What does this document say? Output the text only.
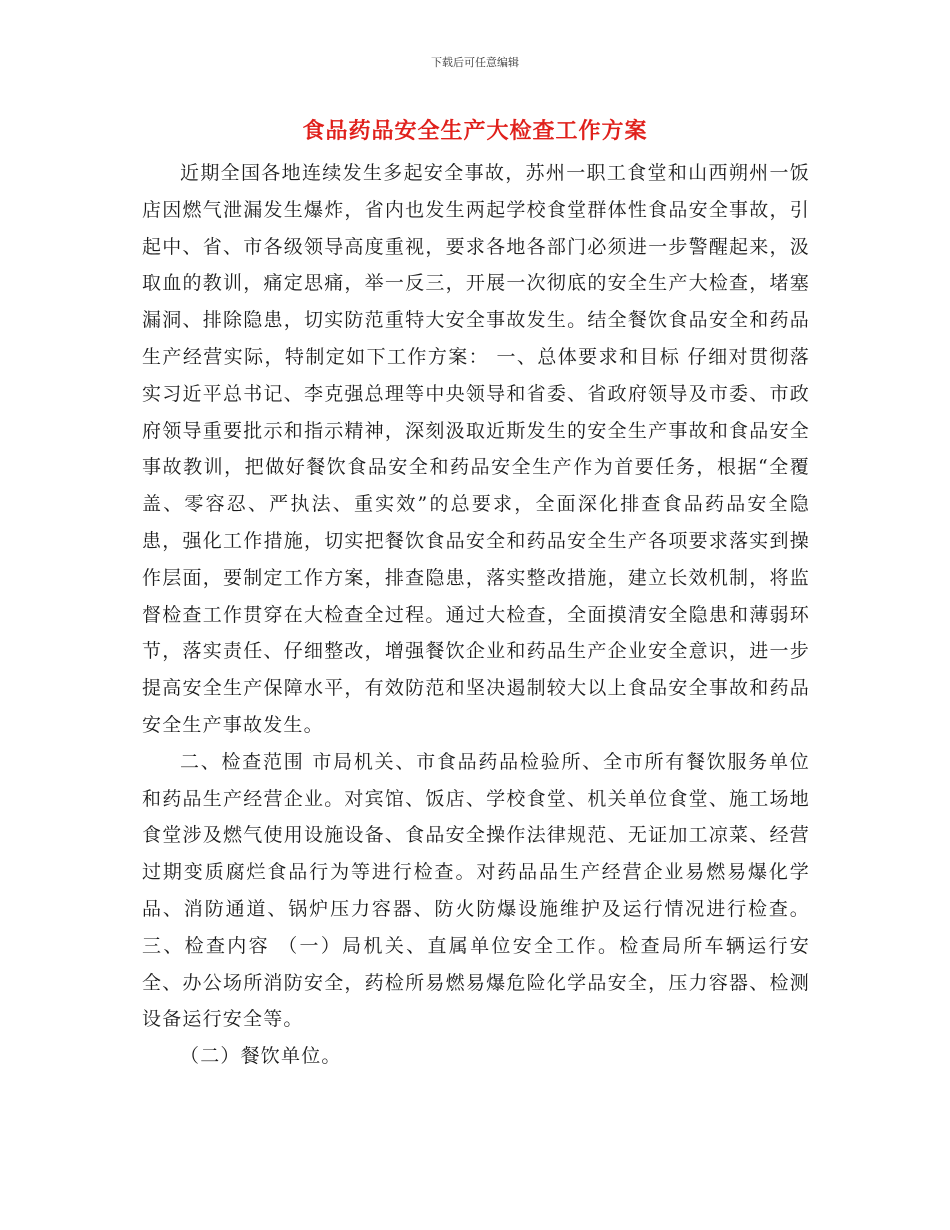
下载后可任意编辑
食品药品安全生产大检查工作方案

近期全国各地连续发生多起安全事故，苏州一职工食堂和山西朔州一饭店因燃气泄漏发生爆炸，省内也发生两起学校食堂群体性食品安全事故，引起中、省、市各级领导高度重视，要求各地各部门必须进一步警醒起来，汲取血的教训，痛定思痛，举一反三，开展一次彻底的安全生产大检查，堵塞漏洞、排除隐患，切实防范重特大安全事故发生。结全餐饮食品安全和药品生产经营实际，特制定如下工作方案： 一、总体要求和目标 仔细对贯彻落实习近平总书记、李克强总理等中央领导和省委、省政府领导及市委、市政府领导重要批示和指示精神，深刻汲取近斯发生的安全生产事故和食品安全事故教训，把做好餐饮食品安全和药品安全生产作为首要任务，根据“全覆盖、零容忍、严执法、重实效”的总要求，全面深化排查食品药品安全隐患，强化工作措施，切实把餐饮食品安全和药品安全生产各项要求落实到操作层面，要制定工作方案，排查隐患，落实整改措施，建立长效机制，将监督检查工作贯穿在大检查全过程。通过大检查，全面摸清安全隐患和薄弱环节，落实责任、仔细整改，增强餐饮企业和药品生产企业安全意识，进一步提高安全生产保障水平，有效防范和坚决遏制较大以上食品安全事故和药品安全生产事故发生。

二、检查范围 市局机关、市食品药品检验所、全市所有餐饮服务单位和药品生产经营企业。对宾馆、饭店、学校食堂、机关单位食堂、施工场地食堂涉及燃气使用设施设备、食品安全操作法律规范、无证加工凉菜、经营过期变质腐烂食品行为等进行检查。对药品品生产经营企业易燃易爆化学品、消防通道、锅炉压力容器、防火防爆设施维护及运行情况进行检查。 三、检查内容 （一）局机关、直属单位安全工作。检查局所车辆运行安全、办公场所消防安全，药检所易燃易爆危险化学品安全，压力容器、检测设备运行安全等。

（二）餐饮单位。
